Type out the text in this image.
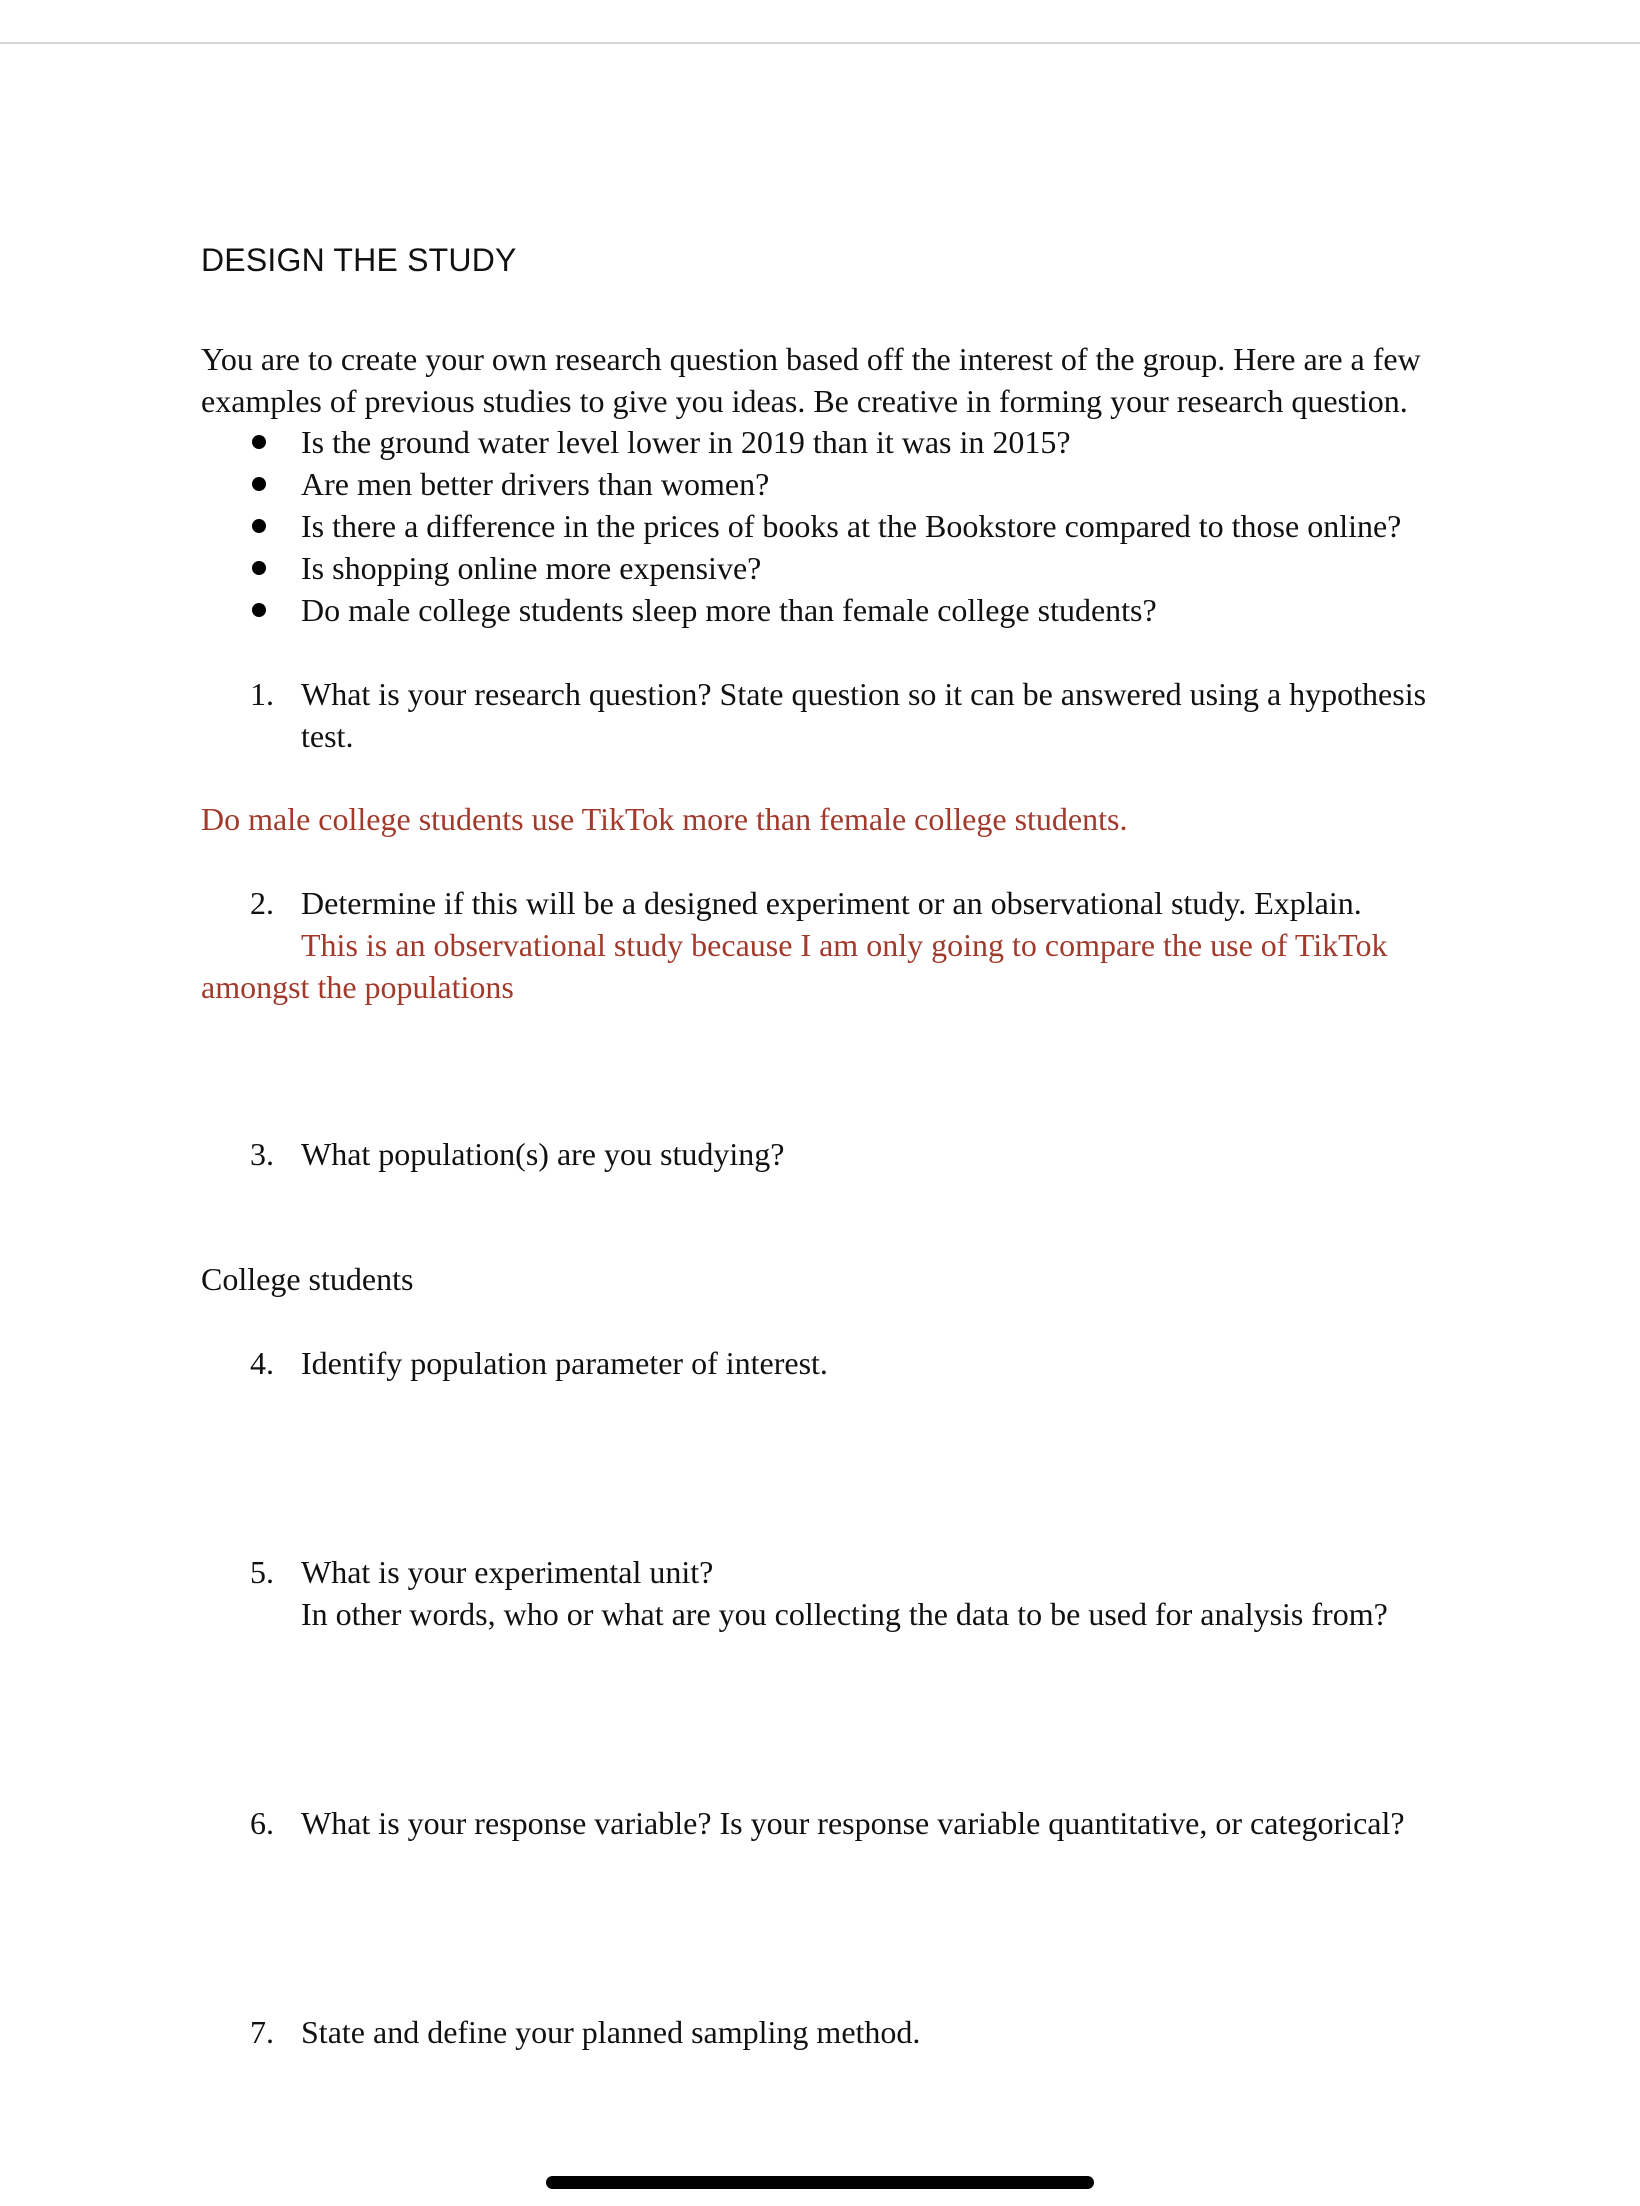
DESIGN THE STUDY
You are to create your own research question based off the interest of the group. Here are a few
examples of previous studies to give you ideas. Be creative in forming your research question.
Is the ground water level lower in 2019 than it was in 2015?
Are men better drivers than women?
Is there a difference in the prices of books at the Bookstore compared to those online?
Is shopping online more expensive?
Do male college students sleep more than female college students?
1. What is your research question? State question so it can be answered using a hypothesis
test.
Do male college students use TikTok more than female college students.
2. Determine if this will be a designed experiment or an observational study. Explain.
This is an observational study because I am only going to compare the use of TikTok
amongst the populations
3. What population(s) are you studying?
College students
4. Identify population parameter of interest.
5. What is your experimental unit?
In other words, who or what are you collecting the data to be used for analysis from?
6. What is your response variable? Is your response variable quantitative, or categorical?
7. State and define your planned sampling method.
